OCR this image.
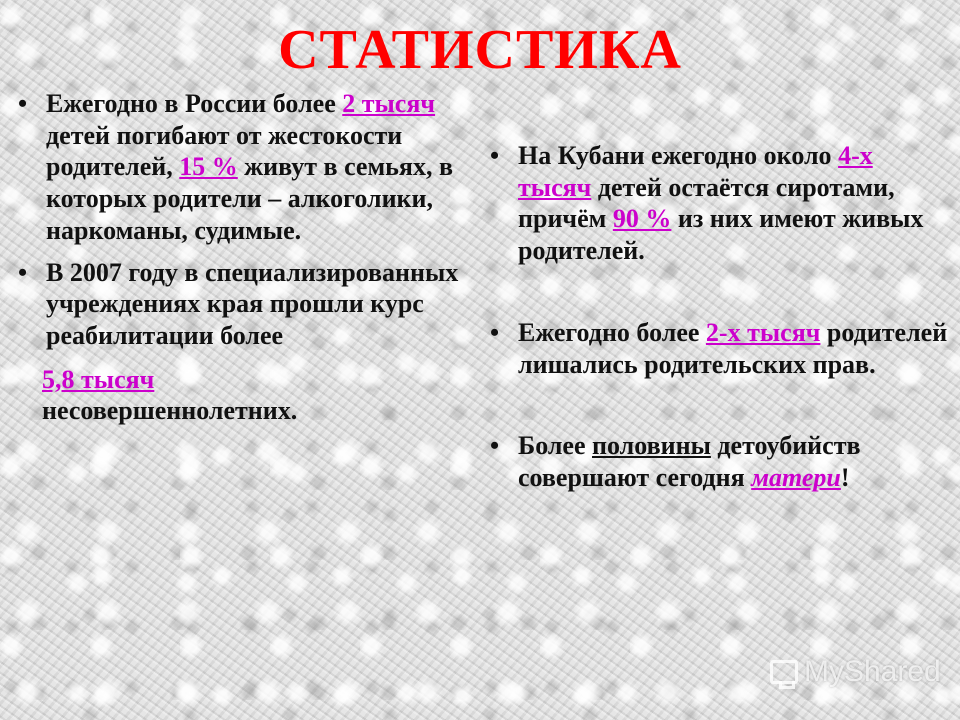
СТАТИСТИКА
• Ежегодно в России более 2 тысяч детей погибают от жестокости родителей, 15 % живут в семьях, в которых родители – алкоголики, наркоманы, судимые.
• В 2007 году в специализированных учреждениях края прошли курс реабилитации более
5,8 тысяч
несовершеннолетних.
• На Кубани ежегодно около 4-х тысяч детей остаётся сиротами, причём 90 % из них имеют живых родителей.
• Ежегодно более 2-х тысяч родителей лишались родительских прав.
• Более половины детоубийств совершают сегодня матери!
MyShared
